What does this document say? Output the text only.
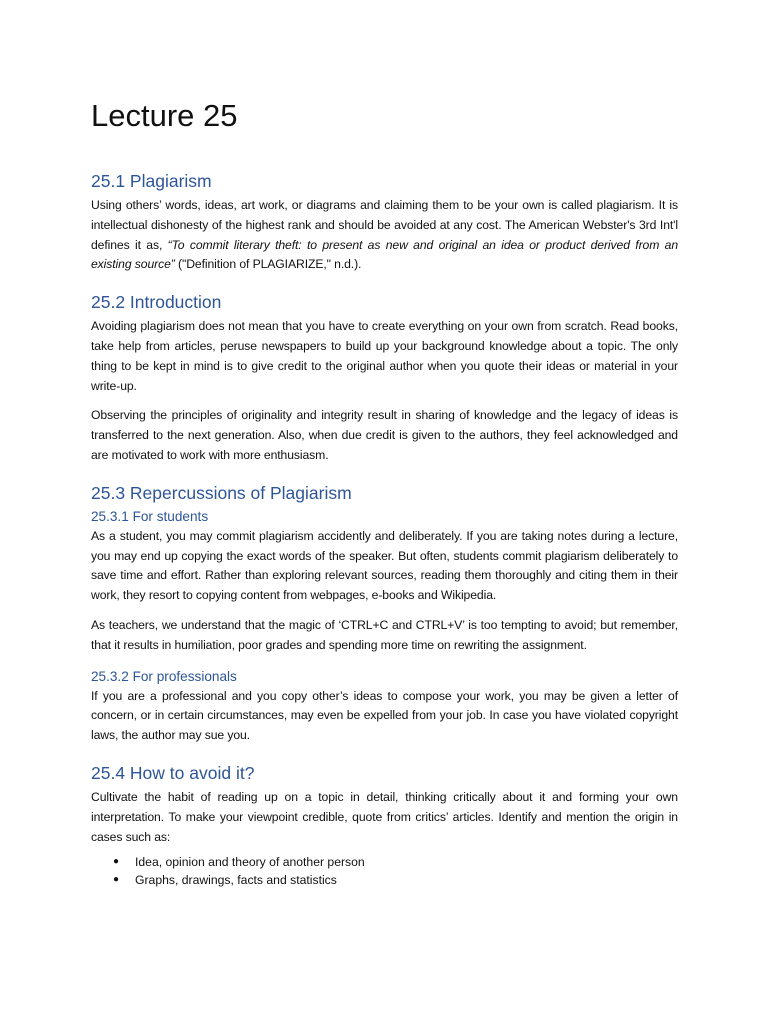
Lecture 25
25.1 Plagiarism

Using others’ words, ideas, art work, or diagrams and claiming them to be your own is called plagiarism. It is intellectual dishonesty of the highest rank and should be avoided at any cost. The American Webster's 3rd Int'l defines it as, “To commit literary theft: to present as new and original an idea or product derived from an existing source” ("Definition of PLAGIARIZE," n.d.).

25.2 Introduction

Avoiding plagiarism does not mean that you have to create everything on your own from scratch. Read books, take help from articles, peruse newspapers to build up your background knowledge about a topic. The only thing to be kept in mind is to give credit to the original author when you quote their ideas or material in your write-up.

Observing the principles of originality and integrity result in sharing of knowledge and the legacy of ideas is transferred to the next generation. Also, when due credit is given to the authors, they feel acknowledged and are motivated to work with more enthusiasm.

25.3 Repercussions of Plagiarism
25.3.1 For students

As a student, you may commit plagiarism accidently and deliberately. If you are taking notes during a lecture, you may end up copying the exact words of the speaker. But often, students commit plagiarism deliberately to save time and effort. Rather than exploring relevant sources, reading them thoroughly and citing them in their work, they resort to copying content from webpages, e-books and Wikipedia.

As teachers, we understand that the magic of ‘CTRL+C and CTRL+V’ is too tempting to avoid; but remember, that it results in humiliation, poor grades and spending more time on rewriting the assignment.

25.3.2 For professionals

If you are a professional and you copy other’s ideas to compose your work, you may be given a letter of concern, or in certain circumstances, may even be expelled from your job. In case you have violated copyright laws, the author may sue you.

25.4 How to avoid it?

Cultivate the habit of reading up on a topic in detail, thinking critically about it and forming your own interpretation. To make your viewpoint credible, quote from critics’ articles. Identify and mention the origin in cases such as:

● Idea, opinion and theory of another person
● Graphs, drawings, facts and statistics
